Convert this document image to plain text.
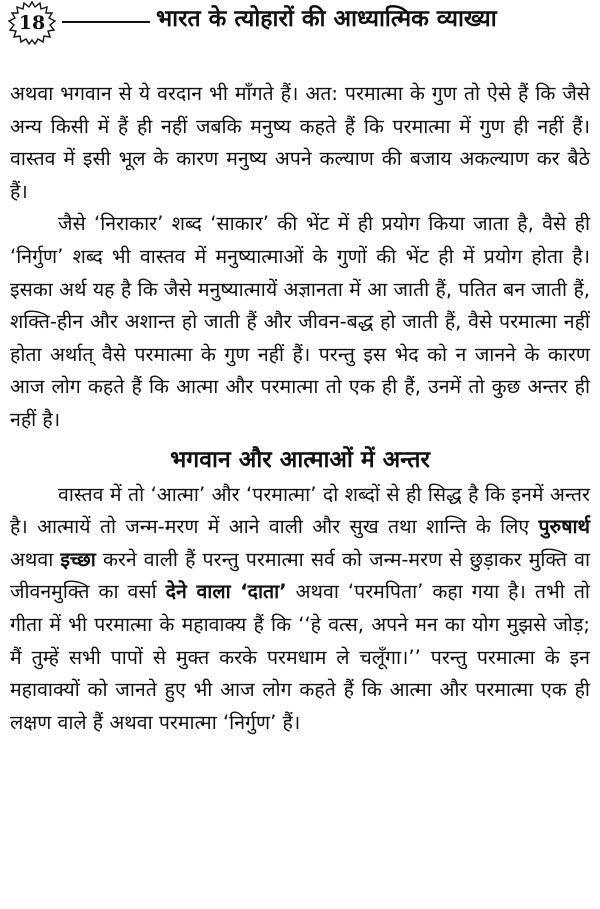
18	भारत के त्योहारों की आध्यात्मिक व्याख्या

अथवा भगवान से ये वरदान भी माँगते हैं। अत: परमात्मा के गुण तो ऐसे हैं कि जैसे अन्य किसी में हैं ही नहीं जबकि मनुष्य कहते हैं कि परमात्मा में गुण ही नहीं हैं। वास्तव में इसी भूल के कारण मनुष्य अपने कल्याण की बजाय अकल्याण कर बैठे हैं।

जैसे ‘निराकार’ शब्द ‘साकार’ की भेंट में ही प्रयोग किया जाता है, वैसे ही ‘निर्गुण’ शब्द भी वास्तव में मनुष्यात्माओं के गुणों की भेंट ही में प्रयोग होता है। इसका अर्थ यह है कि जैसे मनुष्यात्मायें अज्ञानता में आ जाती हैं, पतित बन जाती हैं, शक्ति-हीन और अशान्त हो जाती हैं और जीवन-बद्ध हो जाती हैं, वैसे परमात्मा नहीं होता अर्थात् वैसे परमात्मा के गुण नहीं हैं। परन्तु इस भेद को न जानने के कारण आज लोग कहते हैं कि आत्मा और परमात्मा तो एक ही हैं, उनमें तो कुछ अन्तर ही नहीं है।

भगवान और आत्माओं में अन्तर

वास्तव में तो ‘आत्मा’ और ‘परमात्मा’ दो शब्दों से ही सिद्ध है कि इनमें अन्तर है। आत्मायें तो जन्म-मरण में आने वाली और सुख तथा शान्ति के लिए पुरुषार्थ अथवा इच्छा करने वाली हैं परन्तु परमात्मा सर्व को जन्म-मरण से छुड़ाकर मुक्ति वा जीवनमुक्ति का वर्सा देने वाला ‘दाता’ अथवा ‘परमपिता’ कहा गया है। तभी तो गीता में भी परमात्मा के महावाक्य हैं कि ‘‘हे वत्स, अपने मन का योग मुझसे जोड़; मैं तुम्हें सभी पापों से मुक्त करके परमधाम ले चलूँगा।’’ परन्तु परमात्मा के इन महावाक्यों को जानते हुए भी आज लोग कहते हैं कि आत्मा और परमात्मा एक ही लक्षण वाले हैं अथवा परमात्मा ‘निर्गुण’ हैं।
